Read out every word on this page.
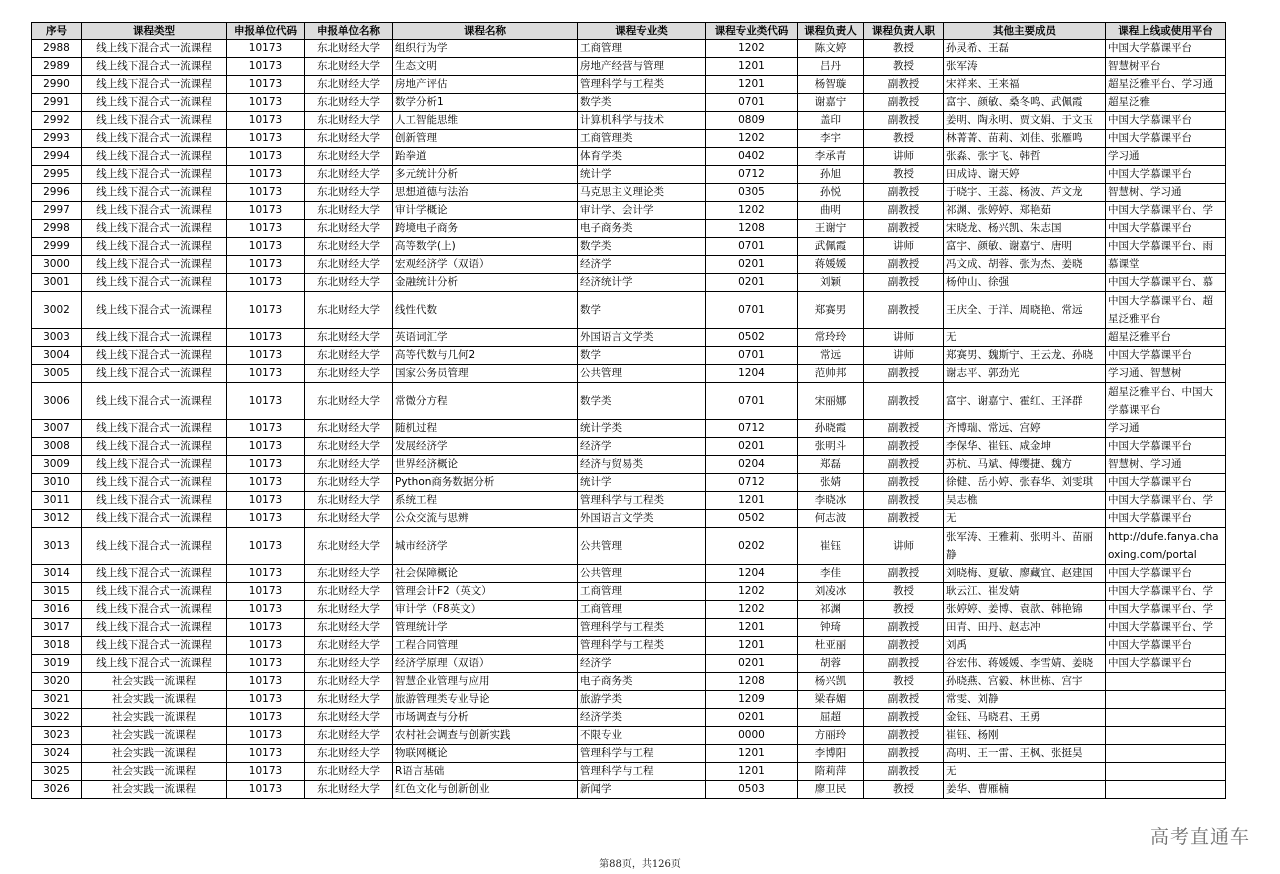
序号	课程类型	申报单位代码	申报单位名称	课程名称	课程专业类	课程专业类代码	课程负责人	课程负责人职	其他主要成员	课程上线或使用平台
2988	线上线下混合式一流课程	10173	东北财经大学	组织行为学	工商管理	1202	陈文婷	教授	孙灵希、王磊	中国大学慕课平台
2989	线上线下混合式一流课程	10173	东北财经大学	生态文明	房地产经营与管理	1201	吕丹	教授	张军涛	智慧树平台
2990	线上线下混合式一流课程	10173	东北财经大学	房地产评估	管理科学与工程类	1201	杨智璇	副教授	宋祥来、王来福	超星泛雅平台、学习通
2991	线上线下混合式一流课程	10173	东北财经大学	数学分析1	数学类	0701	谢嘉宁	副教授	富宇、颜敏、桑冬鸣、武佩霞	超星泛雅
2992	线上线下混合式一流课程	10173	东北财经大学	人工智能思维	计算机科学与技术	0809	盖印	副教授	姜明、陶永明、贾文娟、于文玉	中国大学慕课平台
2993	线上线下混合式一流课程	10173	东北财经大学	创新管理	工商管理类	1202	李宇	教授	林菁菁、苗莉、刘佳、张雁鸣	中国大学慕课平台
2994	线上线下混合式一流课程	10173	东北财经大学	跆拳道	体育学类	0402	李承青	讲师	张淼、张宇飞、韩哲	学习通
2995	线上线下混合式一流课程	10173	东北财经大学	多元统计分析	统计学	0712	孙旭	教授	田成诗、谢天婷	中国大学慕课平台
2996	线上线下混合式一流课程	10173	东北财经大学	思想道德与法治	马克思主义理论类	0305	孙悦	副教授	于晓宇、王蕊、杨波、芦文龙	智慧树、学习通
2997	线上线下混合式一流课程	10173	东北财经大学	审计学概论	审计学、会计学	1202	曲明	副教授	祁渊、张婷婷、郑艳茹	中国大学慕课平台、学
2998	线上线下混合式一流课程	10173	东北财经大学	跨境电子商务	电子商务类	1208	王谢宁	副教授	宋晓龙、杨兴凯、朱志国	中国大学慕课平台
2999	线上线下混合式一流课程	10173	东北财经大学	高等数学(上)	数学类	0701	武佩霞	讲师	富宇、颜敏、谢嘉宁、唐明	中国大学慕课平台、雨
3000	线上线下混合式一流课程	10173	东北财经大学	宏观经济学（双语）	经济学	0201	蒋媛媛	副教授	冯文成、胡蓉、张为杰、姜晓	慕课堂
3001	线上线下混合式一流课程	10173	东北财经大学	金融统计分析	经济统计学	0201	刘颖	副教授	杨仲山、徐强	中国大学慕课平台、慕
3002	线上线下混合式一流课程	10173	东北财经大学	线性代数	数学	0701	郑赛男	副教授	王庆全、于洋、周晓艳、常远	中国大学慕课平台、超星泛雅平台
3003	线上线下混合式一流课程	10173	东北财经大学	英语词汇学	外国语言文学类	0502	常玲玲	讲师	无	超星泛雅平台
3004	线上线下混合式一流课程	10173	东北财经大学	高等代数与几何2	数学	0701	常远	讲师	郑赛男、魏斯宁、王云龙、孙晓	中国大学慕课平台
3005	线上线下混合式一流课程	10173	东北财经大学	国家公务员管理	公共管理	1204	范帅邦	副教授	谢志平、郭劲光	学习通、智慧树
3006	线上线下混合式一流课程	10173	东北财经大学	常微分方程	数学类	0701	宋丽娜	副教授	富宇、谢嘉宁、霍红、王泽群	超星泛雅平台、中国大学慕课平台
3007	线上线下混合式一流课程	10173	东北财经大学	随机过程	统计学类	0712	孙晓霞	副教授	齐博瑞、常远、宫婷	学习通
3008	线上线下混合式一流课程	10173	东北财经大学	发展经济学	经济学	0201	张明斗	副教授	李保华、崔钰、咸金坤	中国大学慕课平台
3009	线上线下混合式一流课程	10173	东北财经大学	世界经济概论	经济与贸易类	0204	郑磊	副教授	苏杭、马斌、傅缨捷、魏方	智慧树、学习通
3010	线上线下混合式一流课程	10173	东北财经大学	Python商务数据分析	统计学	0712	张婧	副教授	徐健、岳小婷、张春华、刘雯琪	中国大学慕课平台
3011	线上线下混合式一流课程	10173	东北财经大学	系统工程	管理科学与工程类	1201	李晓冰	副教授	吴志樵	中国大学慕课平台、学
3012	线上线下混合式一流课程	10173	东北财经大学	公众交流与思辨	外国语言文学类	0502	何志波	副教授	无	中国大学慕课平台
3013	线上线下混合式一流课程	10173	东北财经大学	城市经济学	公共管理	0202	崔钰	讲师	张军涛、王雅莉、张明斗、苗丽静	http://dufe.fanya.chaoxing.com/portal
3014	线上线下混合式一流课程	10173	东北财经大学	社会保障概论	公共管理	1204	李佳	副教授	刘晓梅、夏敏、廖藏宜、赵建国	中国大学慕课平台
3015	线上线下混合式一流课程	10173	东北财经大学	管理会计F2（英文）	工商管理	1202	刘凌冰	教授	耿云江、崔发婧	中国大学慕课平台、学
3016	线上线下混合式一流课程	10173	东北财经大学	审计学（F8英文）	工商管理	1202	祁渊	教授	张婷婷、姜博、袁歆、韩艳锦	中国大学慕课平台、学
3017	线上线下混合式一流课程	10173	东北财经大学	管理统计学	管理科学与工程类	1201	钟琦	副教授	田青、田丹、赵志冲	中国大学慕课平台、学
3018	线上线下混合式一流课程	10173	东北财经大学	工程合同管理	管理科学与工程类	1201	杜亚丽	副教授	刘禹	中国大学慕课平台
3019	线上线下混合式一流课程	10173	东北财经大学	经济学原理（双语）	经济学	0201	胡蓉	副教授	谷宏伟、蒋媛媛、李雪婧、姜晓	中国大学慕课平台
3020	社会实践一流课程	10173	东北财经大学	智慧企业管理与应用	电子商务类	1208	杨兴凯	教授	孙晓燕、宫毅、林世栋、宫宇	
3021	社会实践一流课程	10173	东北财经大学	旅游管理类专业导论	旅游学类	1209	梁春媚	副教授	常雯、刘静	
3022	社会实践一流课程	10173	东北财经大学	市场调查与分析	经济学类	0201	屈超	副教授	金钰、马晓君、王勇	
3023	社会实践一流课程	10173	东北财经大学	农村社会调查与创新实践	不限专业	0000	方丽玲	副教授	崔钰、杨刚	
3024	社会实践一流课程	10173	东北财经大学	物联网概论	管理科学与工程	1201	李博阳	副教授	高明、王一雷、王枫、张挺昊	
3025	社会实践一流课程	10173	东北财经大学	R语言基础	管理科学与工程	1201	隋莉萍	副教授	无	
3026	社会实践一流课程	10173	东北财经大学	红色文化与创新创业	新闻学	0503	廖卫民	教授	姜华、曹雁楠	
高考直通车
第88页，共126页
